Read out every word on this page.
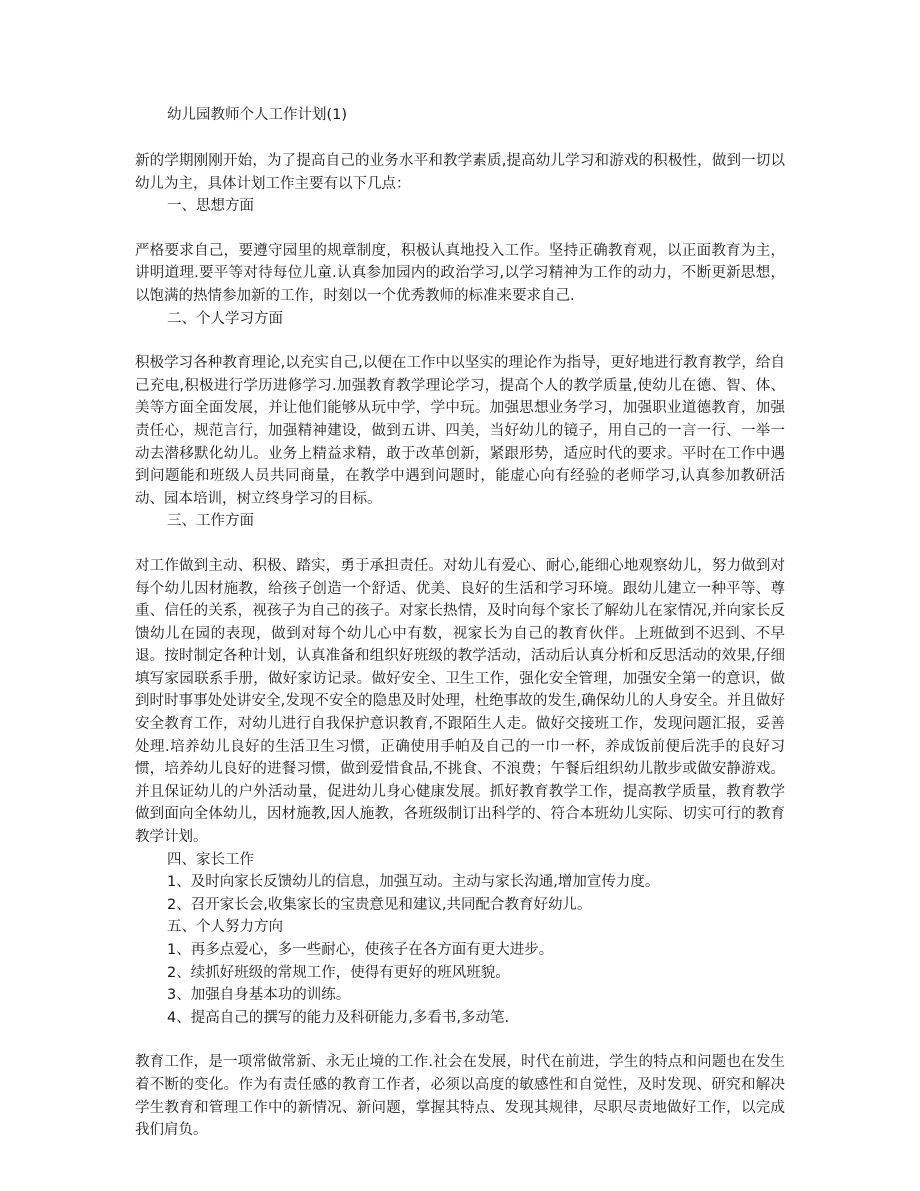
幼儿园教师个人工作计划(1)

新的学期刚刚开始，为了提高自己的业务水平和教学素质,提高幼儿学习和游戏的积极性，做到一切以幼儿为主，具体计划工作主要有以下几点：

一、思想方面

严格要求自己，要遵守园里的规章制度，积极认真地投入工作。坚持正确教育观，以正面教育为主，讲明道理.要平等对待每位儿童.认真参加园内的政治学习,以学习精神为工作的动力，不断更新思想，以饱满的热情参加新的工作，时刻以一个优秀教师的标准来要求自己.

二、个人学习方面

积极学习各种教育理论,以充实自己,以便在工作中以坚实的理论作为指导，更好地进行教育教学，给自己充电,积极进行学历进修学习.加强教育教学理论学习，提高个人的教学质量,使幼儿在德、智、体、美等方面全面发展，并让他们能够从玩中学，学中玩。加强思想业务学习，加强职业道德教育，加强责任心，规范言行，加强精神建设，做到五讲、四美，当好幼儿的镜子，用自己的一言一行、一举一动去潜移默化幼儿。业务上精益求精，敢于改革创新，紧跟形势，适应时代的要求。平时在工作中遇到问题能和班级人员共同商量，在教学中遇到问题时，能虚心向有经验的老师学习,认真参加教研活动、园本培训，树立终身学习的目标。

三、工作方面

对工作做到主动、积极、踏实，勇于承担责任。对幼儿有爱心、耐心,能细心地观察幼儿，努力做到对每个幼儿因材施教，给孩子创造一个舒适、优美、良好的生活和学习环境。跟幼儿建立一种平等、尊重、信任的关系，视孩子为自己的孩子。对家长热情，及时向每个家长了解幼儿在家情况,并向家长反馈幼儿在园的表现，做到对每个幼儿心中有数，视家长为自己的教育伙伴。上班做到不迟到、不早退。按时制定各种计划，认真准备和组织好班级的教学活动，活动后认真分析和反思活动的效果,仔细填写家园联系手册，做好家访记录。做好安全、卫生工作，强化安全管理，加强安全第一的意识，做到时时事事处处讲安全,发现不安全的隐患及时处理，杜绝事故的发生,确保幼儿的人身安全。并且做好安全教育工作，对幼儿进行自我保护意识教育,不跟陌生人走。做好交接班工作，发现问题汇报，妥善处理.培养幼儿良好的生活卫生习惯，正确使用手帕及自己的一巾一杯，养成饭前便后洗手的良好习惯，培养幼儿良好的进餐习惯，做到爱惜食品,不挑食、不浪费；午餐后组织幼儿散步或做安静游戏。并且保证幼儿的户外活动量，促进幼儿身心健康发展。抓好教育教学工作，提高教学质量，教育教学做到面向全体幼儿，因材施教,因人施教，各班级制订出科学的、符合本班幼儿实际、切实可行的教育教学计划。

四、家长工作

1、及时向家长反馈幼儿的信息，加强互动。主动与家长沟通,增加宣传力度。

2、召开家长会,收集家长的宝贵意见和建议,共同配合教育好幼儿。

五、个人努力方向

1、再多点爱心，多一些耐心，使孩子在各方面有更大进步。

2、续抓好班级的常规工作，使得有更好的班风班貌。

3、加强自身基本功的训练。

4、提高自己的撰写的能力及科研能力,多看书,多动笔.

教育工作，是一项常做常新、永无止境的工作.社会在发展，时代在前进，学生的特点和问题也在发生着不断的变化。作为有责任感的教育工作者，必须以高度的敏感性和自觉性，及时发现、研究和解决学生教育和管理工作中的新情况、新问题，掌握其特点、发现其规律，尽职尽责地做好工作，以完成我们肩负。
